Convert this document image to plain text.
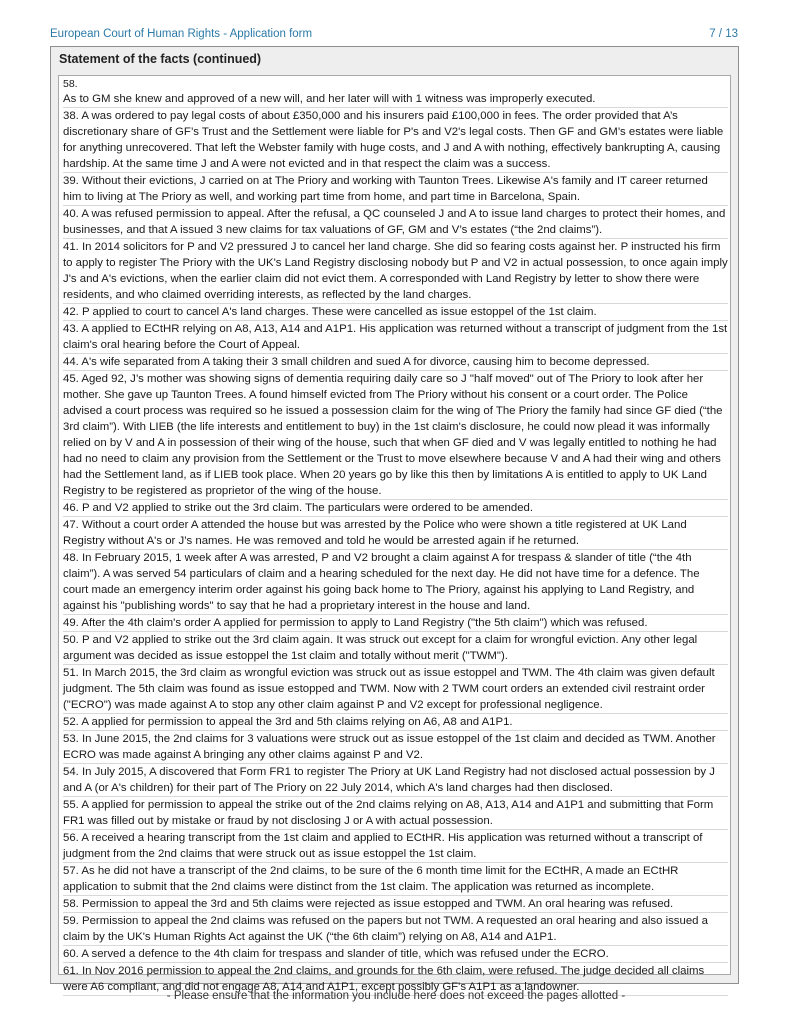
European Court of Human Rights - Application form	7 / 13
Statement of the facts (continued)
58.

As to GM she knew and approved of a new will, and her later will with 1 witness was improperly executed.

38. A was ordered to pay legal costs of about £350,000 and his insurers paid £100,000 in fees. The order provided that A’s discretionary share of GF’s Trust and the Settlement were liable for P's and V2's legal costs. Then GF and GM’s estates were liable for anything unrecovered. That left the Webster family with huge costs, and J and A with nothing, effectively bankrupting A, causing hardship. At the same time J and A were not evicted and in that respect the claim was a success.

39. Without their evictions, J carried on at The Priory and working with Taunton Trees. Likewise A's family and IT career returned him to living at The Priory as well, and working part time from home, and part time in Barcelona, Spain.

40. A was refused permission to appeal. After the refusal, a QC counseled J and A to issue land charges to protect their homes, and businesses, and that A issued 3 new claims for tax valuations of GF, GM and V’s estates (“the 2nd claims”).

41. In 2014 solicitors for P and V2 pressured J to cancel her land charge. She did so fearing costs against her. P instructed his firm to apply to register The Priory with the UK's Land Registry disclosing nobody but P and V2 in actual possession, to once again imply J's and A's evictions, when the earlier claim did not evict them. A corresponded with Land Registry by letter to show there were residents, and who claimed overriding interests, as reflected by the land charges.

42. P applied to court to cancel A's land charges. These were cancelled as issue estoppel of the 1st claim.

43. A applied to ECtHR relying on A8, A13, A14 and A1P1. His application was returned without a transcript of judgment from the 1st claim's oral hearing before the Court of Appeal.

44. A's wife separated from A taking their 3 small children and sued A for divorce, causing him to become depressed.

45. Aged 92, J’s mother was showing signs of dementia requiring daily care so J "half moved" out of The Priory to look after her mother. She gave up Taunton Trees. A found himself evicted from The Priory without his consent or a court order. The Police advised a court process was required so he issued a possession claim for the wing of The Priory the family had since GF died (“the 3rd claim”). With LIEB (the life interests and entitlement to buy) in the 1st claim's disclosure, he could now plead it was informally relied on by V and A in possession of their wing of the house, such that when GF died and V was legally entitled to nothing he had had no need to claim any provision from the Settlement or the Trust to move elsewhere because V and A had their wing and others had the Settlement land, as if LIEB took place. When 20 years go by like this then by limitations A is entitled to apply to UK Land Registry to be registered as proprietor of the wing of the house.

46. P and V2 applied to strike out the 3rd claim. The particulars were ordered to be amended.

47. Without a court order A attended the house but was arrested by the Police who were shown a title registered at UK Land Registry without A's or J’s names. He was removed and told he would be arrested again if he returned.

48. In February 2015, 1 week after A was arrested, P and V2 brought a claim against A for trespass & slander of title (“the 4th claim”). A was served 54 particulars of claim and a hearing scheduled for the next day. He did not have time for a defence. The court made an emergency interim order against his going back home to The Priory, against his applying to Land Registry, and against his "publishing words" to say that he had a proprietary interest in the house and land.

49. After the 4th claim's order A applied for permission to apply to Land Registry ("the 5th claim") which was refused.

50. P and V2 applied to strike out the 3rd claim again. It was struck out except for a claim for wrongful eviction. Any other legal argument was decided as issue estoppel the 1st claim and totally without merit ("TWM").

51. In March 2015, the 3rd claim as wrongful eviction was struck out as issue estoppel and TWM. The 4th claim was given default judgment. The 5th claim was found as issue estopped and TWM. Now with 2 TWM court orders an extended civil restraint order ("ECRO") was made against A to stop any other claim against P and V2 except for professional negligence.

52. A applied for permission to appeal the 3rd and 5th claims relying on A6, A8 and A1P1.

53. In June 2015, the 2nd claims for 3 valuations were struck out as issue estoppel of the 1st claim and decided as TWM. Another ECRO was made against A bringing any other claims against P and V2.

54. In July 2015, A discovered that Form FR1 to register The Priory at UK Land Registry had not disclosed actual possession by J and A (or A's children) for their part of The Priory on 22 July 2014, which A's land charges had then disclosed.

55. A applied for permission to appeal the strike out of the 2nd claims relying on A8, A13, A14 and A1P1 and submitting that Form FR1 was filled out by mistake or fraud by not disclosing J or A with actual possession.

56. A received a hearing transcript from the 1st claim and applied to ECtHR. His application was returned without a transcript of judgment from the 2nd claims that were struck out as issue estoppel the 1st claim.

57. As he did not have a transcript of the 2nd claims, to be sure of the 6 month time limit for the ECtHR, A made an ECtHR application to submit that the 2nd claims were distinct from the 1st claim. The application was returned as incomplete.

58. Permission to appeal the 3rd and 5th claims were rejected as issue estopped and TWM. An oral hearing was refused.

59. Permission to appeal the 2nd claims was refused on the papers but not TWM. A requested an oral hearing and also issued a claim by the UK's Human Rights Act against the UK (“the 6th claim”) relying on A8, A14 and A1P1.

60. A served a defence to the 4th claim for trespass and slander of title, which was refused under the ECRO.

61. In Nov 2016 permission to appeal the 2nd claims, and grounds for the 6th claim, were refused. The judge decided all claims were A6 compliant, and did not engage A8, A14 and A1P1, except possibly GF's A1P1 as a landowner.

- Please ensure that the information you include here does not exceed the pages allotted -
